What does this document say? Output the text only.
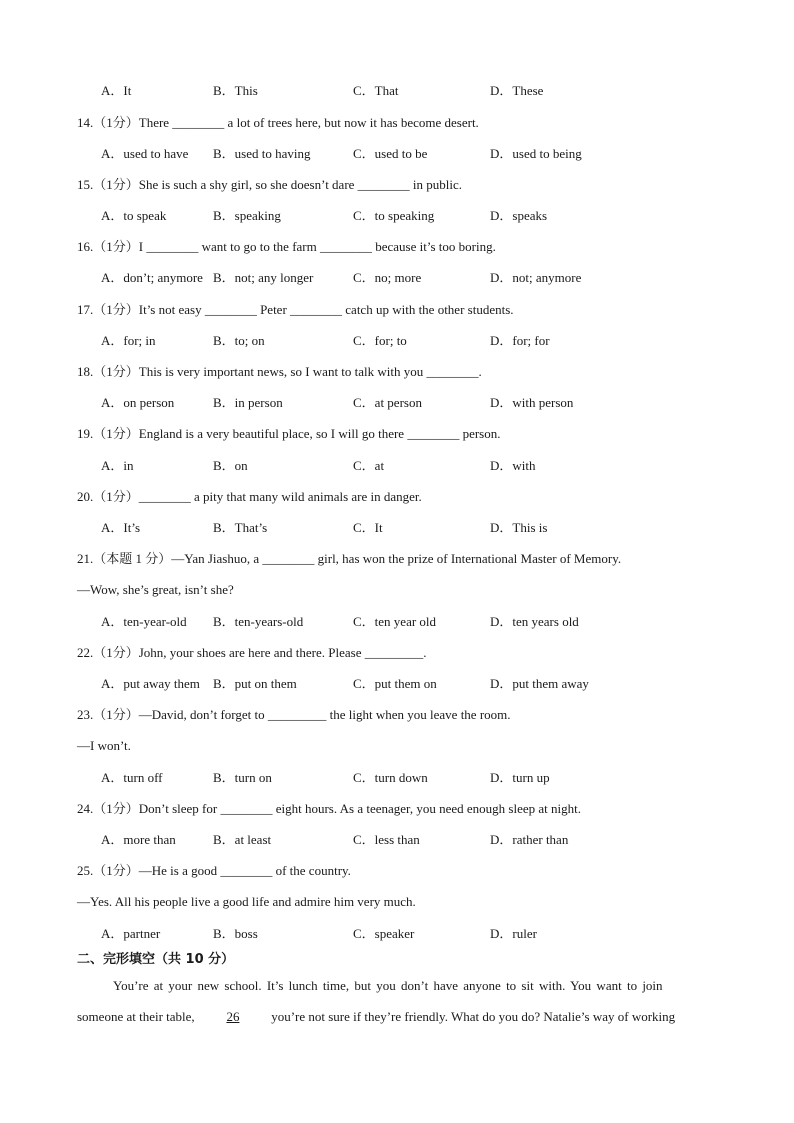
A．It	B．This	C．That	D．These
14.（1分）There ________ a lot of trees here, but now it has become desert.
A．used to have B．used to having	C．used to be	D．used to being
15.（1分）She is such a shy girl, so she doesn’t dare ________ in public.
A．to speak	B．speaking	C．to speaking	D．speaks
16.（1分）I ________ want to go to the farm ________ because it’s too boring.
A．don’t; anymore B．not; any longer	C．no; more	D．not; anymore
17.（1分）It’s not easy ________ Peter ________ catch up with the other students.
A．for; in	B．to; on	C．for; to	D．for; for
18.（1分）This is very important news, so I want to talk with you ________.
A．on person	B．in person	C．at person	D．with person
19.（1分）England is a very beautiful place, so I will go there ________ person.
A．in	B．on	C．at	D．with
20.（1分）________ a pity that many wild animals are in danger.
A．It’s	B．That’s	C．It	D．This is
21.（本题 1 分）—Yan Jiashuo, a ________ girl, has won the prize of International Master of Memory.
—Wow, she’s great, isn’t she?
A．ten-year-old B．ten-years-old	C．ten year old	D．ten years old
22.（1分）John, your shoes are here and there. Please _________.
A．put away them B．put on them	C．put them on	D．put them away
23.（1分）—David, don’t forget to _________ the light when you leave the room.
—I won’t.
A．turn off	B．turn on	C．turn down	D．turn up
24.（1分）Don’t sleep for ________ eight hours. As a teenager, you need enough sleep at night.
A．more than	B．at least	C．less than	D．rather than
25.（1分）—He is a good ________ of the country.
—Yes. All his people live a good life and admire him very much.
A．partner	B．boss	C．speaker	D．ruler
二、完形填空（共 10 分）
You’re at your new school. It’s lunch time, but you don’t have anyone to sit with. You want to join
someone at their table, 26 you’re not sure if they’re friendly. What do you do? Natalie’s way of working
